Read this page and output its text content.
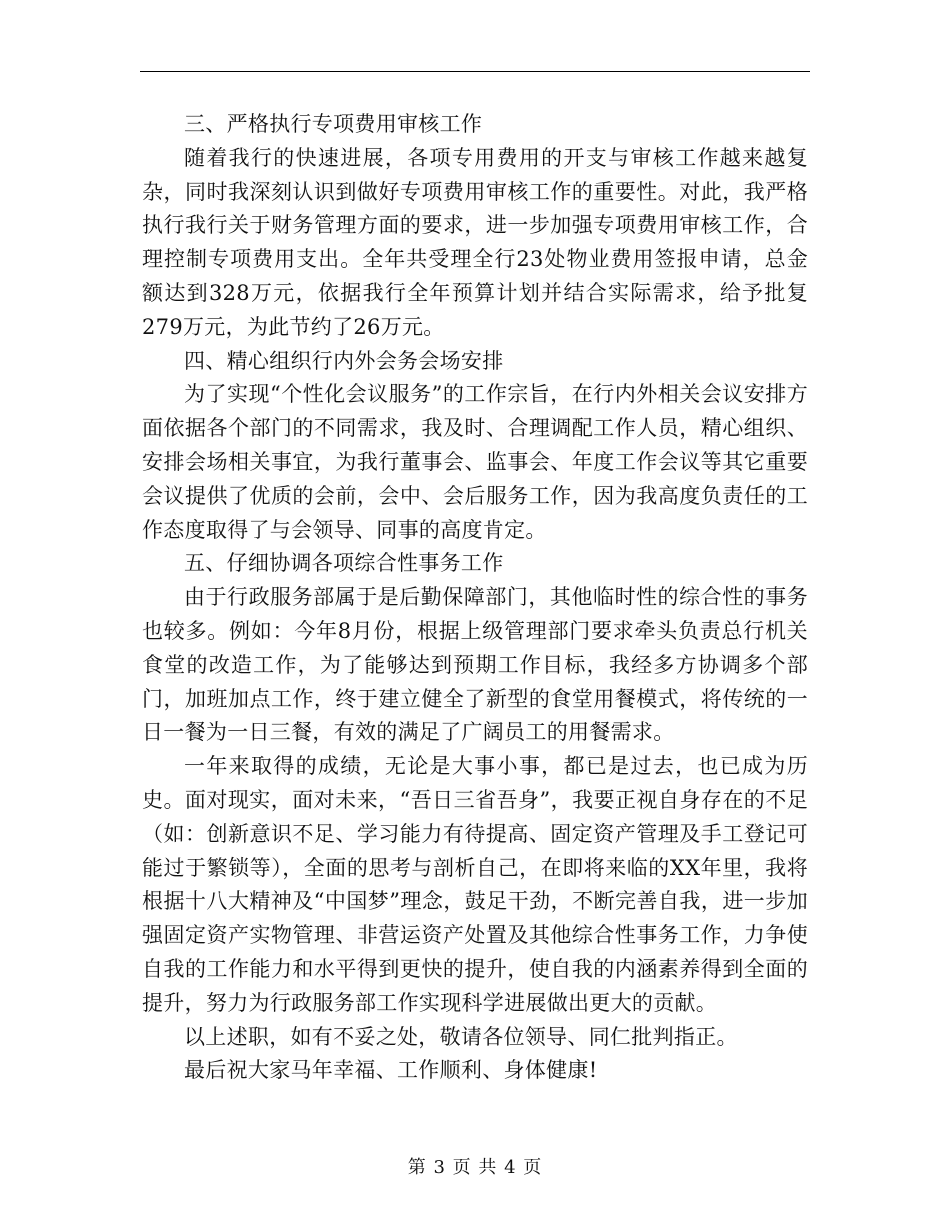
三、严格执行专项费用审核工作

随着我行的快速进展，各项专用费用的开支与审核工作越来越复杂，同时我深刻认识到做好专项费用审核工作的重要性。对此，我严格执行我行关于财务管理方面的要求，进一步加强专项费用审核工作，合理控制专项费用支出。全年共受理全行23处物业费用签报申请，总金额达到328万元，依据我行全年预算计划并结合实际需求，给予批复279万元，为此节约了26万元。

四、精心组织行内外会务会场安排

为了实现“个性化会议服务”的工作宗旨，在行内外相关会议安排方面依据各个部门的不同需求，我及时、合理调配工作人员，精心组织、安排会场相关事宜，为我行董事会、监事会、年度工作会议等其它重要会议提供了优质的会前，会中、会后服务工作，因为我高度负责任的工作态度取得了与会领导、同事的高度肯定。

五、仔细协调各项综合性事务工作

由于行政服务部属于是后勤保障部门，其他临时性的综合性的事务也较多。例如：今年8月份，根据上级管理部门要求牵头负责总行机关食堂的改造工作，为了能够达到预期工作目标，我经多方协调多个部门，加班加点工作，终于建立健全了新型的食堂用餐模式，将传统的一日一餐为一日三餐，有效的满足了广阔员工的用餐需求。

一年来取得的成绩，无论是大事小事，都已是过去，也已成为历史。面对现实，面对未来，“吾日三省吾身”，我要正视自身存在的不足（如：创新意识不足、学习能力有待提高、固定资产管理及手工登记可能过于繁锁等），全面的思考与剖析自己，在即将来临的XX年里，我将根据十八大精神及“中国梦”理念，鼓足干劲，不断完善自我，进一步加强固定资产实物管理、非营运资产处置及其他综合性事务工作，力争使自我的工作能力和水平得到更快的提升，使自我的内涵素养得到全面的提升，努力为行政服务部工作实现科学进展做出更大的贡献。

以上述职，如有不妥之处，敬请各位领导、同仁批判指正。

最后祝大家马年幸福、工作顺利、身体健康!

第 3 页 共 4 页
